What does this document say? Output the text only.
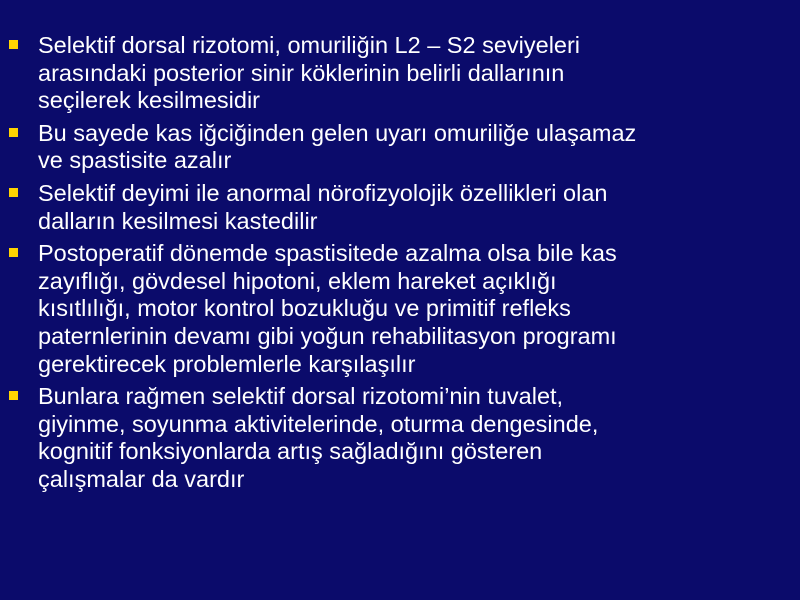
Selektif dorsal rizotomi, omuriliğin L2 – S2 seviyeleri
arasındaki posterior sinir köklerinin belirli dallarının
seçilerek kesilmesidir
Bu sayede kas iğciğinden gelen uyarı omuriliğe ulaşamaz
ve spastisite azalır
Selektif deyimi ile anormal nörofizyolojik özellikleri olan
dalların kesilmesi kastedilir
Postoperatif dönemde spastisitede azalma olsa bile kas
zayıflığı, gövdesel hipotoni, eklem hareket açıklığı
kısıtlılığı, motor kontrol bozukluğu ve primitif refleks
paternlerinin devamı gibi yoğun rehabilitasyon programı
gerektirecek problemlerle karşılaşılır
Bunlara rağmen selektif dorsal rizotomi’nin tuvalet,
giyinme, soyunma aktivitelerinde, oturma dengesinde,
kognitif fonksiyonlarda artış sağladığını gösteren
çalışmalar da vardır
